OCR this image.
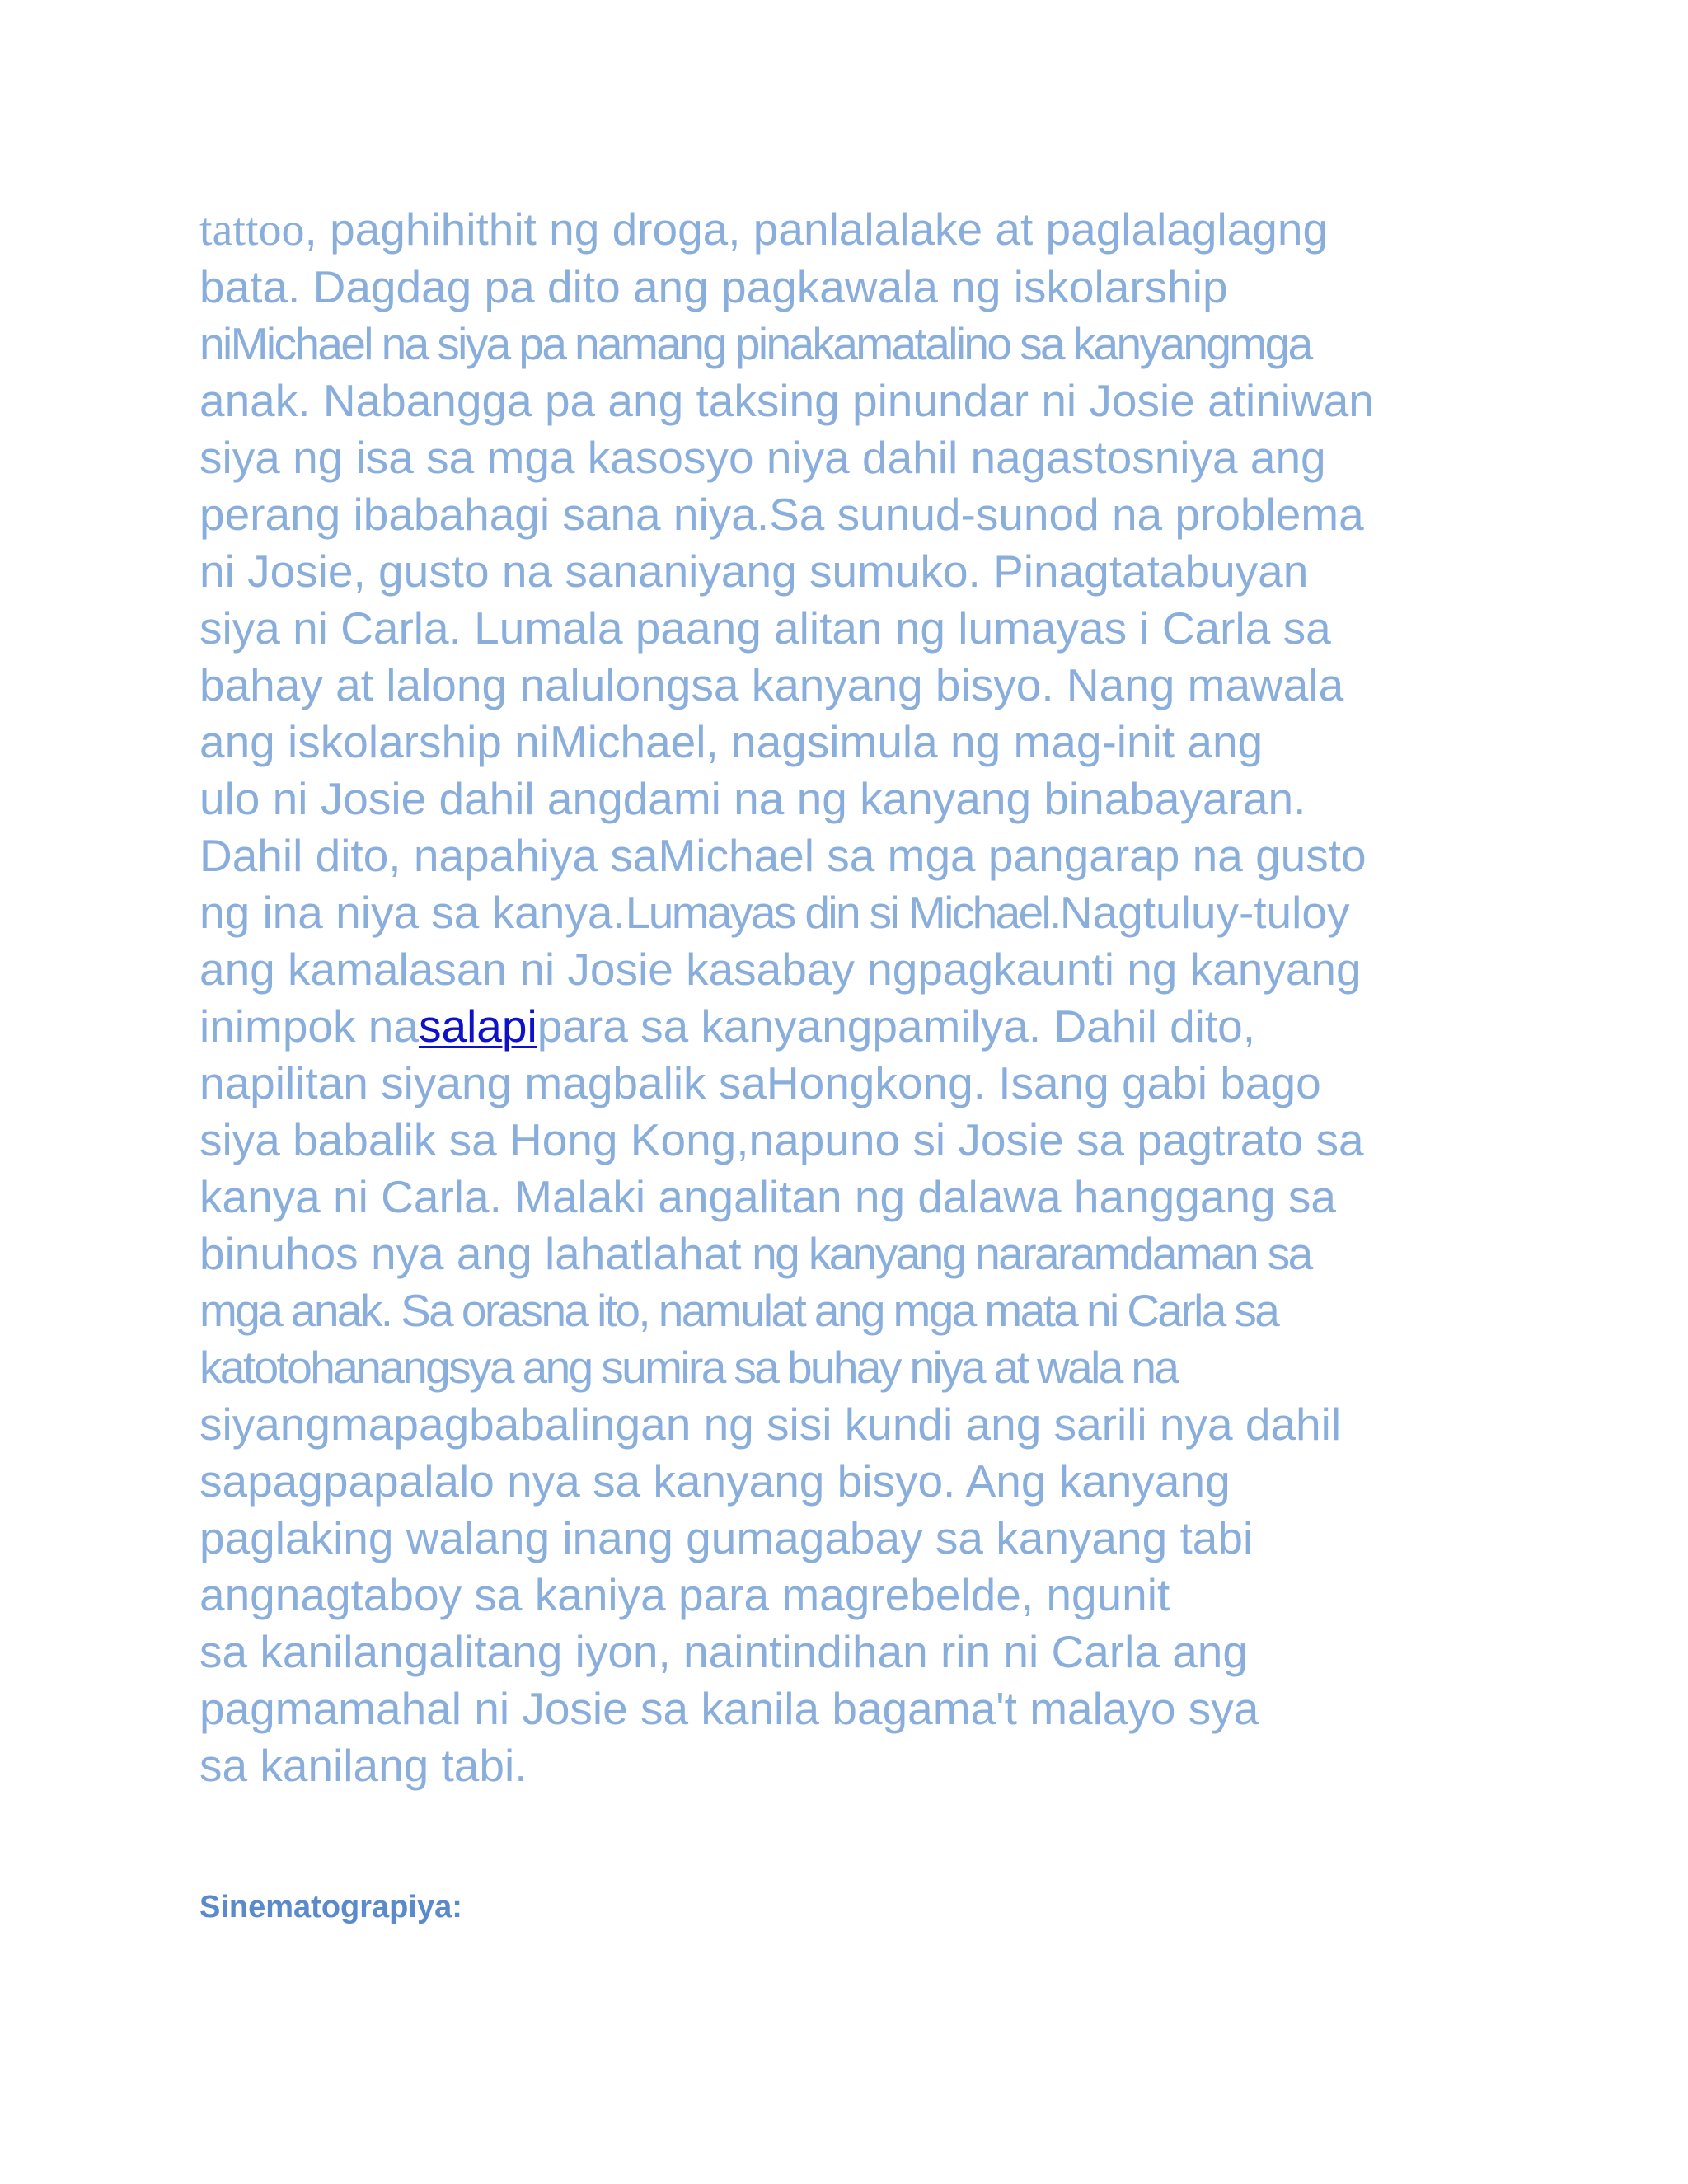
tattoo, paghihithit ng droga, panlalalake at paglalaglagng
bata. Dagdag pa dito ang pagkawala ng iskolarship
niMichael na siya pa namang pinakamatalino sa kanyangmga
anak. Nabangga pa ang taksing pinundar ni Josie atiniwan
siya ng isa sa mga kasosyo niya dahil nagastosniya ang
perang ibabahagi sana niya.Sa sunud-sunod na problema
ni Josie, gusto na sananiyang sumuko. Pinagtatabuyan
siya ni Carla. Lumala paang alitan ng lumayas i Carla sa
bahay at lalong nalulongsa kanyang bisyo. Nang mawala
ang iskolarship niMichael, nagsimula ng mag-init ang
ulo ni Josie dahil angdami na ng kanyang binabayaran.
Dahil dito, napahiya saMichael sa mga pangarap na gusto
ng ina niya sa kanya.Lumayas din si Michael.Nagtuluy-tuloy
ang kamalasan ni Josie kasabay ngpagkaunti ng kanyang
inimpok nasalapipara sa kanyangpamilya. Dahil dito,
napilitan siyang magbalik saHongkong. Isang gabi bago
siya babalik sa Hong Kong,napuno si Josie sa pagtrato sa
kanya ni Carla. Malaki angalitan ng dalawa hanggang sa
binuhos nya ang lahatlahat ng kanyang nararamdaman sa
mga anak. Sa orasna ito, namulat ang mga mata ni Carla sa
katotohanangsya ang sumira sa buhay niya at wala na
siyangmapagbabalingan ng sisi kundi ang sarili nya dahil
sapagpapalalo nya sa kanyang bisyo. Ang kanyang
paglaking walang inang gumagabay sa kanyang tabi
angnagtaboy sa kaniya para magrebelde, ngunit
sa kanilangalitang iyon, naintindihan rin ni Carla ang
pagmamahal ni Josie sa kanila bagama't malayo sya
sa kanilang tabi.

Sinematograpiya:
